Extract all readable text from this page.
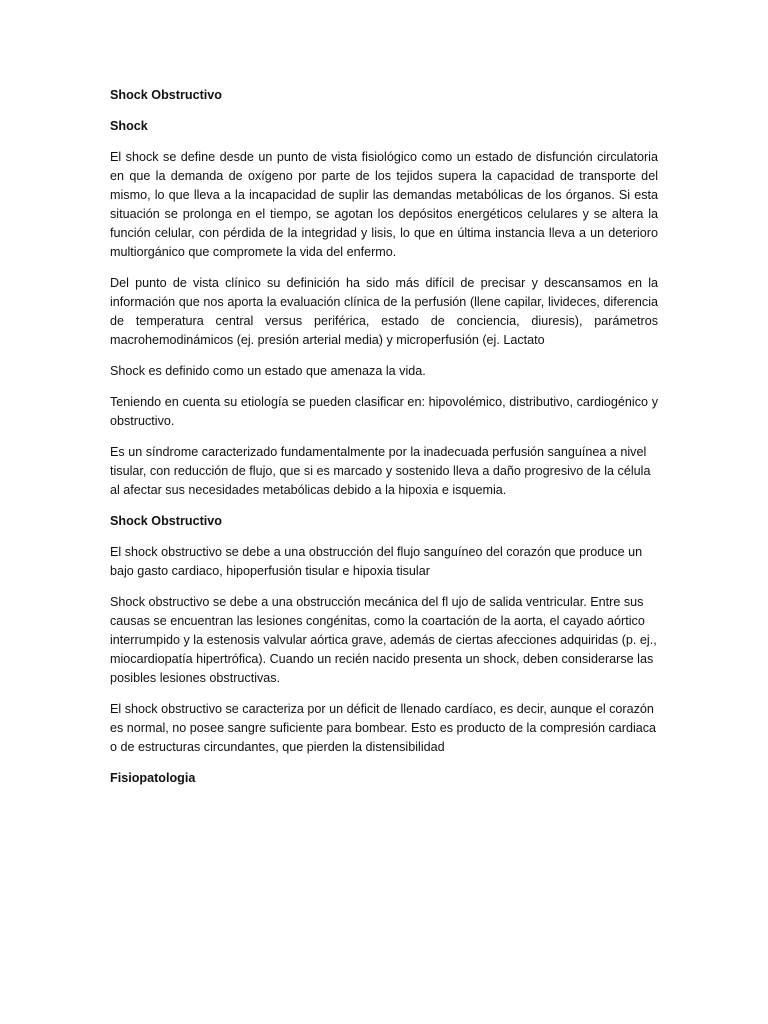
Shock Obstructivo
Shock

El shock se define desde un punto de vista fisiológico como un estado de disfunción circulatoria en que la demanda de oxígeno por parte de los tejidos supera la capacidad de transporte del mismo, lo que lleva a la incapacidad de suplir las demandas metabólicas de los órganos. Si esta situación se prolonga en el tiempo, se agotan los depósitos energéticos celulares y se altera la función celular, con pérdida de la integridad y lisis, lo que en última instancia lleva a un deterioro multiorgánico que compromete la vida del enfermo.

Del punto de vista clínico su definición ha sido más difícil de precisar y descansamos en la información que nos aporta la evaluación clínica de la perfusión (llene capilar, livideces, diferencia de temperatura central versus periférica, estado de conciencia, diuresis), parámetros macrohemodinámicos (ej. presión arterial media) y microperfusión (ej. Lactato

Shock es definido como un estado que amenaza la vida.

Teniendo en cuenta su etiología se pueden clasificar en: hipovolémico, distributivo, cardiogénico y obstructivo.

Es un síndrome caracterizado fundamentalmente por la inadecuada perfusión sanguínea a nivel tisular, con reducción de flujo, que si es marcado y sostenido lleva a daño progresivo de la célula al afectar sus necesidades metabólicas debido a la hipoxia e isquemia.

Shock Obstructivo

El shock obstructivo se debe a una obstrucción del flujo sanguíneo del corazón que produce un bajo gasto cardiaco, hipoperfusión tisular e hipoxia tisular

Shock obstructivo se debe a una obstrucción mecánica del fl ujo de salida ventricular. Entre sus causas se encuentran las lesiones congénitas, como la coartación de la aorta, el cayado aórtico interrumpido y la estenosis valvular aórtica grave, además de ciertas afecciones adquiridas (p. ej., miocardiopatía hipertrófica). Cuando un recién nacido presenta un shock, deben considerarse las posibles lesiones obstructivas.

El shock obstructivo se caracteriza por un déficit de llenado cardíaco, es decir, aunque el corazón es normal, no posee sangre suficiente para bombear. Esto es producto de la compresión cardiaca o de estructuras circundantes, que pierden la distensibilidad

Fisiopatologia
